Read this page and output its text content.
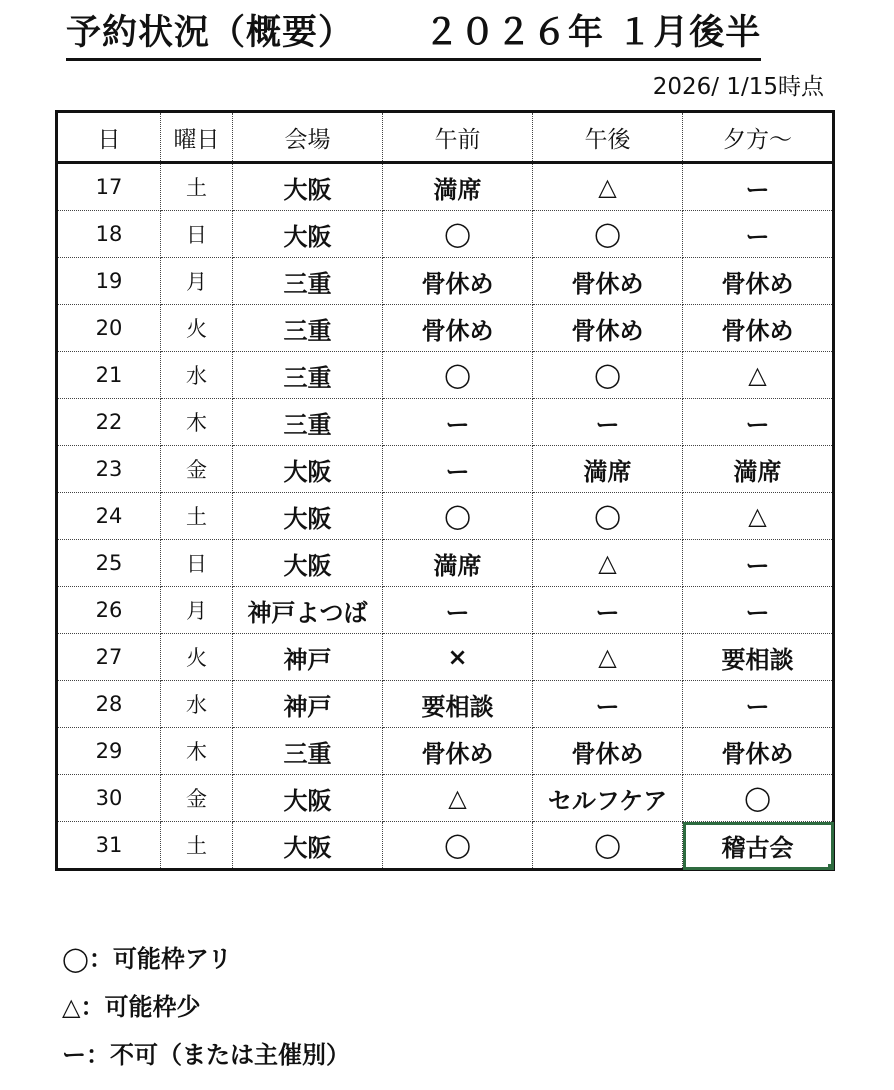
予約状況（概要） ２０２６年 １月後半
2026/ 1/15時点
日	曜日	会場	午前	午後	夕方～
17	土	大阪	満席	△	ー
18	日	大阪	◯	◯	ー
19	月	三重	骨休め	骨休め	骨休め
20	火	三重	骨休め	骨休め	骨休め
21	水	三重	◯	◯	△
22	木	三重	ー	ー	ー
23	金	大阪	ー	満席	満席
24	土	大阪	◯	◯	△
25	日	大阪	満席	△	ー
26	月	神戸よつば	ー	ー	ー
27	火	神戸	×	△	要相談
28	水	神戸	要相談	ー	ー
29	木	三重	骨休め	骨休め	骨休め
30	金	大阪	△	セルフケア	◯
31	土	大阪	◯	◯	稽古会
◯：可能枠アリ
△：可能枠少
ー：不可（または主催別）
